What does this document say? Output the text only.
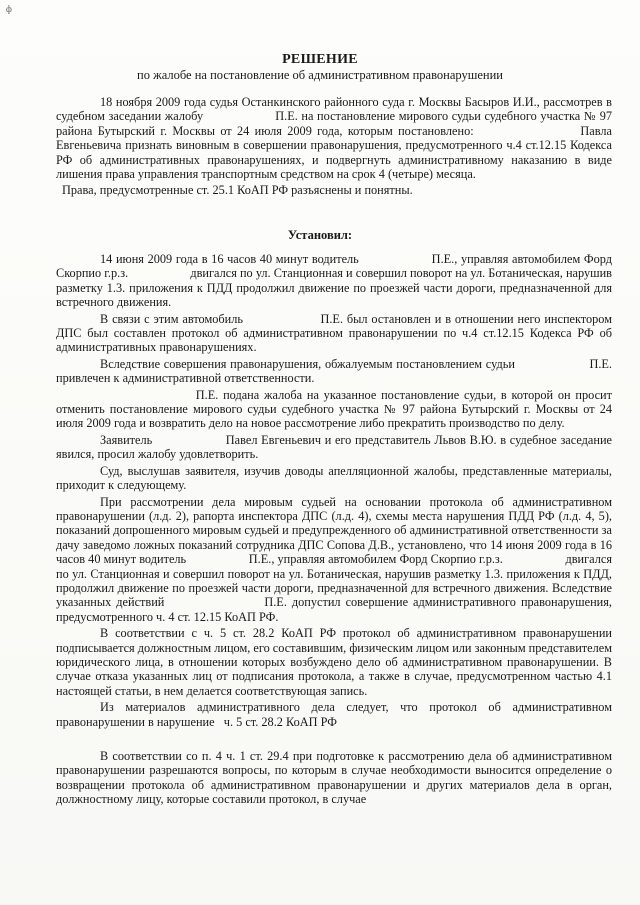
ф
РЕШЕНИЕ
по жалобе на постановление об административном правонарушении

18 ноября 2009 года судья Останкинского районного суда г. Москвы Басыров И.И., рассмотрев в судебном заседании жалобу                    П.Е. на постановление мирового судьи судебного участка № 97 района Бутырский г. Москвы от 24 июля 2009 года, которым постановлено:                    Павла Евгеньевича признать виновным в совершении правонарушения, предусмотренного ч.4 ст.12.15 Кодекса РФ об административных правонарушениях, и подвергнуть административному наказанию в виде лишения права управления транспортным средством на срок 4 (четыре) месяца.

Права, предусмотренные ст. 25.1 КоАП РФ разъяснены и понятны.

Установил:

14 июня 2009 года в 16 часов 40 минут водитель                    П.Е., управляя автомобилем Форд Скорпио г.р.з.                    двигался по ул. Станционная и совершил поворот на ул. Ботаническая, нарушив разметку 1.3. приложения к ПДД продолжил движение по проезжей части дороги, предназначенной для встречного движения.

В связи с этим автомобиль                    П.Е. был остановлен и в отношении него инспектором ДПС был составлен протокол об административном правонарушении по ч.4 ст.12.15 Кодекса РФ об административных правонарушениях.

Вследствие совершения правонарушения, обжалуемым постановлением судьи                    П.Е. привлечен к административной ответственности.

П.Е. подана жалоба на указанное постановление судьи, в которой он просит отменить постановление мирового судьи судебного участка № 97 района Бутырский г. Москвы от 24 июля 2009 года и возвратить дело на новое рассмотрение либо прекратить производство по делу.

Заявитель                    Павел Евгеньевич и его представитель Львов В.Ю. в судебное заседание явился, просил жалобу удовлетворить.

Суд, выслушав заявителя, изучив доводы апелляционной жалобы, представленные материалы, приходит к следующему.

При рассмотрении дела мировым судьей на основании протокола об административном правонарушении (л.д. 2), рапорта инспектора ДПС (л.д. 4), схемы места нарушения ПДД РФ (л.д. 4, 5), показаний допрошенного мировым судьей и предупрежденного об административной ответственности за дачу заведомо ложных показаний сотрудника ДПС Сопова Д.В., установлено, что 14 июня 2009 года в 16 часов 40 минут водитель                    П.Е., управляя автомобилем Форд Скорпио г.р.з.                    двигался по ул. Станционная и совершил поворот на ул. Ботаническая, нарушив разметку 1.3. приложения к ПДД, продолжил движение по проезжей части дороги, предназначенной для встречного движения. Вследствие указанных действий                    П.Е. допустил совершение административного правонарушения, предусмотренного ч. 4 ст. 12.15 КоАП РФ.

В соответствии с ч. 5 ст. 28.2 КоАП РФ протокол об административном правонарушении подписывается должностным лицом, его составившим, физическим лицом или законным представителем юридического лица, в отношении которых возбуждено дело об административном правонарушении. В случае отказа указанных лиц от подписания протокола, а также в случае, предусмотренном частью 4.1 настоящей статьи, в нем делается соответствующая запись.

Из материалов административного дела следует, что протокол об административном правонарушении в нарушение   ч. 5 ст. 28.2 КоАП РФ

В соответствии со п. 4 ч. 1 ст. 29.4 при подготовке к рассмотрению дела об административном правонарушении разрешаются вопросы, по которым в случае необходимости выносится определение о возвращении протокола об административном правонарушении и других материалов дела в орган, должностному лицу, которые составили протокол, в случае
